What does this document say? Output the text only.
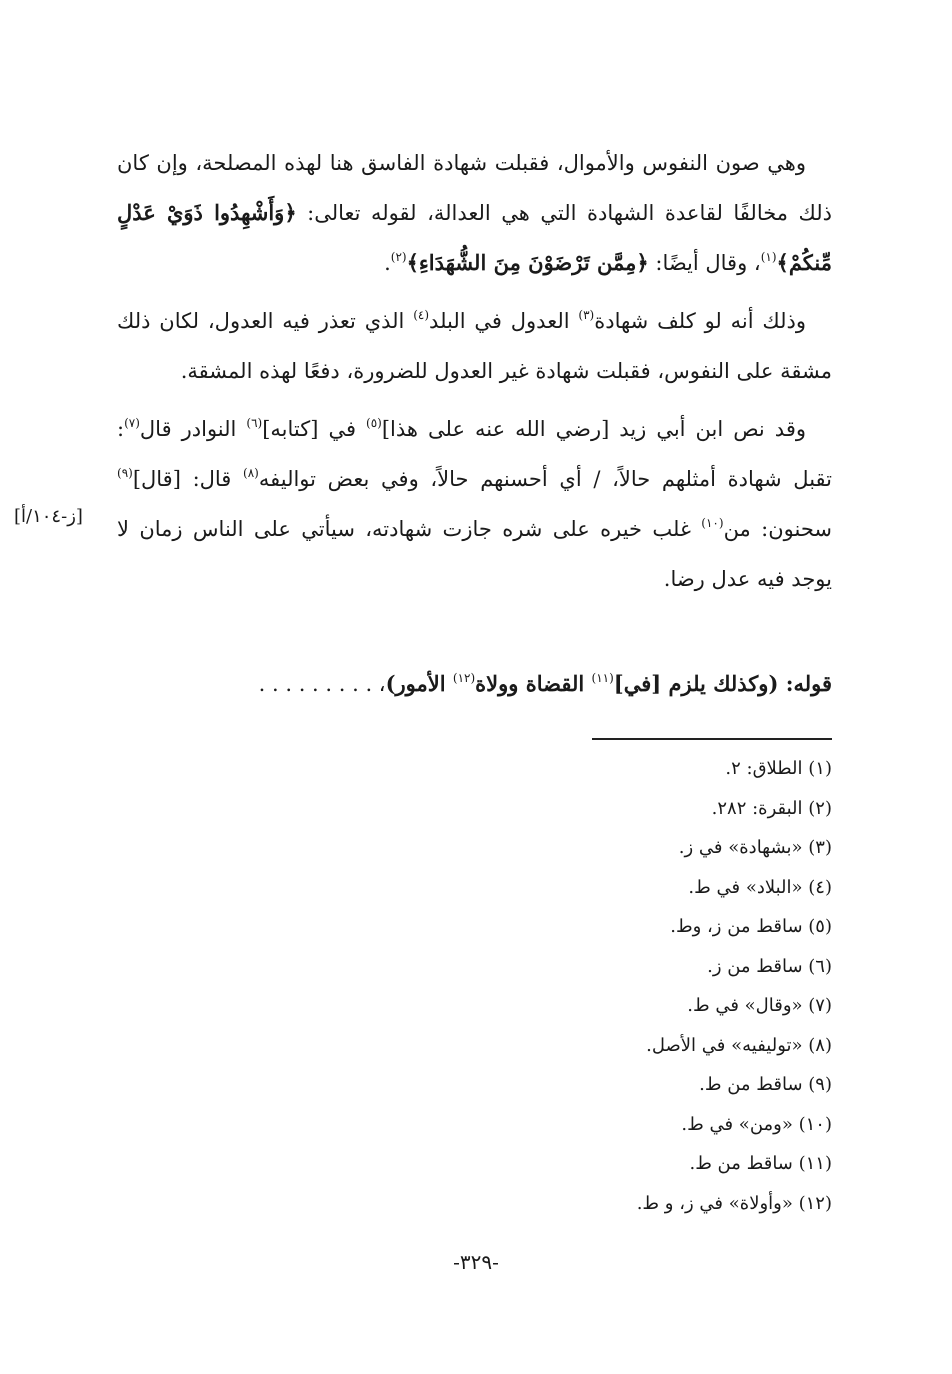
وهي صون النفوس والأموال، فقبلت شهادة الفاسق هنا لهذه المصلحة، وإن كان ذلك مخالفًا لقاعدة الشهادة التي هي العدالة، لقوله تعالى: ﴿وَأَشْهِدُوا ذَوَيْ عَدْلٍ مِّنكُمْ﴾$^{(١)}$، وقال أيضًا: ﴿مِمَّن تَرْضَوْنَ مِنَ الشُّهَدَاءِ﴾$^{(٢)}$.

وذلك أنه لو كلف شهادة$^{(٣)}$ العدول في البلد$^{(٤)}$ الذي تعذر فيه العدول، لكان ذلك مشقة على النفوس، فقبلت شهادة غير العدول للضرورة، دفعًا لهذه المشقة.

وقد نص ابن أبي زيد [رضي الله عنه على هذا]$^{(٥)}$ في [كتابه]$^{(٦)}$ النوادر قال$^{(٧)}$: تقبل شهادة أمثلهم حالاً، / أي أحسنهم حالاً، وفي بعض تواليفه$^{(٨)}$ قال: [قال]$^{(٩)}$ سحنون: من$^{(١٠)}$ غلب خيره على شره جازت شهادته، سيأتي على الناس زمان لا يوجد فيه عدل رضا.

[ز-١٠٤/أ]
قوله: (وكذلك يلزم [في]$^{(١١)}$ القضاة وولاة$^{(١٢)}$ الأمور)، . . . . . . . . .
(١) الطلاق: ٢.
(٢) البقرة: ٢٨٢.
(٣) «بشهادة» في ز.
(٤) «البلاد» في ط.
(٥) ساقط من ز، وط.
(٦) ساقط من ز.
(٧) «وقال» في ط.
(٨) «توليفيه» في الأصل.
(٩) ساقط من ط.
(١٠) «ومن» في ط.
(١١) ساقط من ط.
(١٢) «وأولاة» في ز، و ط.
-٣٢٩-
